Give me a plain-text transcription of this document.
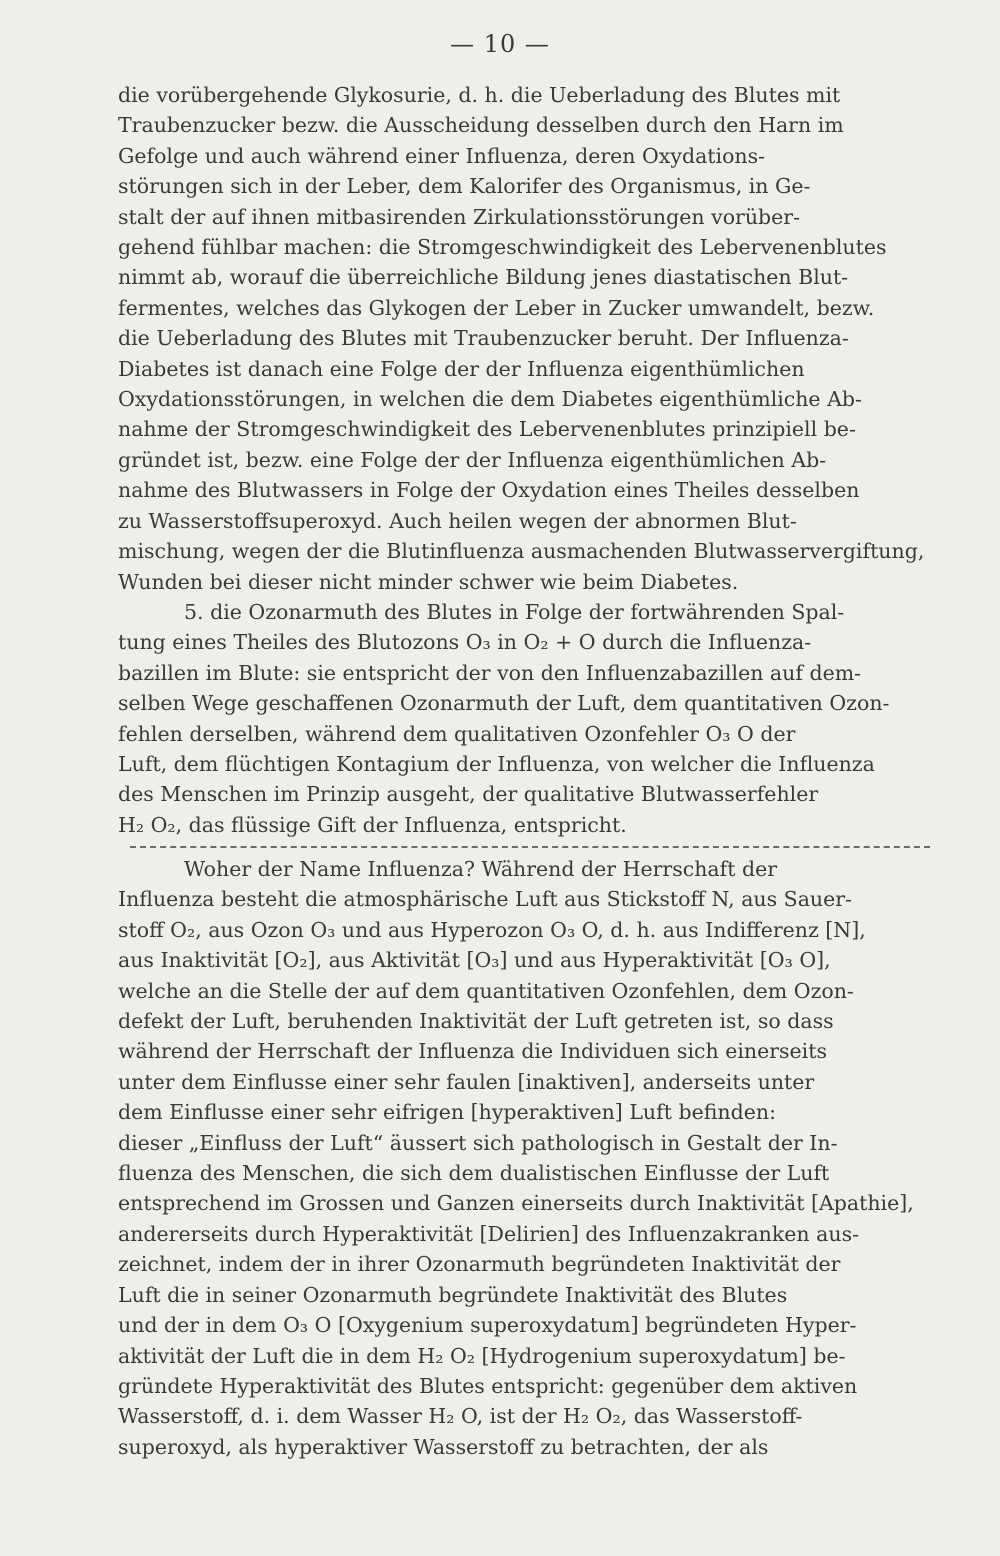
— 10 —
die vorübergehende Glykosurie, d. h. die Ueberladung des Blutes mit
Traubenzucker bezw. die Ausscheidung desselben durch den Harn im
Gefolge und auch während einer Influenza, deren Oxydations-
störungen sich in der Leber, dem Kalorifer des Organismus, in Ge-
stalt der auf ihnen mitbasirenden Zirkulationsstörungen vorüber-
gehend fühlbar machen: die Stromgeschwindigkeit des Lebervenenblutes
nimmt ab, worauf die überreichliche Bildung jenes diastatischen Blut-
fermentes, welches das Glykogen der Leber in Zucker umwandelt, bezw.
die Ueberladung des Blutes mit Traubenzucker beruht. Der Influenza-
Diabetes ist danach eine Folge der der Influenza eigenthümlichen
Oxydationsstörungen, in welchen die dem Diabetes eigenthümliche Ab-
nahme der Stromgeschwindigkeit des Lebervenenblutes prinzipiell be-
gründet ist, bezw. eine Folge der der Influenza eigenthümlichen Ab-
nahme des Blutwassers in Folge der Oxydation eines Theiles desselben
zu Wasserstoffsuperoxyd. Auch heilen wegen der abnormen Blut-
mischung, wegen der die Blutinfluenza ausmachenden Blutwasservergiftung,
Wunden bei dieser nicht minder schwer wie beim Diabetes.
5. die Ozonarmuth des Blutes in Folge der fortwährenden Spal-
tung eines Theiles des Blutozons O₃ in O₂ + O durch die Influenza-
bazillen im Blute: sie entspricht der von den Influenzabazillen auf dem-
selben Wege geschaffenen Ozonarmuth der Luft, dem quantitativen Ozon-
fehlen derselben, während dem qualitativen Ozonfehler O₃ O der
Luft, dem flüchtigen Kontagium der Influenza, von welcher die Influenza
des Menschen im Prinzip ausgeht, der qualitative Blutwasserfehler
H₂ O₂, das flüssige Gift der Influenza, entspricht.
Woher der Name Influenza? Während der Herrschaft der
Influenza besteht die atmosphärische Luft aus Stickstoff N, aus Sauer-
stoff O₂, aus Ozon O₃ und aus Hyperozon O₃ O, d. h. aus Indifferenz [N],
aus Inaktivität [O₂], aus Aktivität [O₃] und aus Hyperaktivität [O₃ O],
welche an die Stelle der auf dem quantitativen Ozonfehlen, dem Ozon-
defekt der Luft, beruhenden Inaktivität der Luft getreten ist, so dass
während der Herrschaft der Influenza die Individuen sich einerseits
unter dem Einflusse einer sehr faulen [inaktiven], anderseits unter
dem Einflusse einer sehr eifrigen [hyperaktiven] Luft befinden:
dieser „Einfluss der Luft“ äussert sich pathologisch in Gestalt der In-
fluenza des Menschen, die sich dem dualistischen Einflusse der Luft
entsprechend im Grossen und Ganzen einerseits durch Inaktivität [Apathie],
andererseits durch Hyperaktivität [Delirien] des Influenzakranken aus-
zeichnet, indem der in ihrer Ozonarmuth begründeten Inaktivität der
Luft die in seiner Ozonarmuth begründete Inaktivität des Blutes
und der in dem O₃ O [Oxygenium superoxydatum] begründeten Hyper-
aktivität der Luft die in dem H₂ O₂ [Hydrogenium superoxydatum] be-
gründete Hyperaktivität des Blutes entspricht: gegenüber dem aktiven
Wasserstoff, d. i. dem Wasser H₂ O, ist der H₂ O₂, das Wasserstoff-
superoxyd, als hyperaktiver Wasserstoff zu betrachten, der als
